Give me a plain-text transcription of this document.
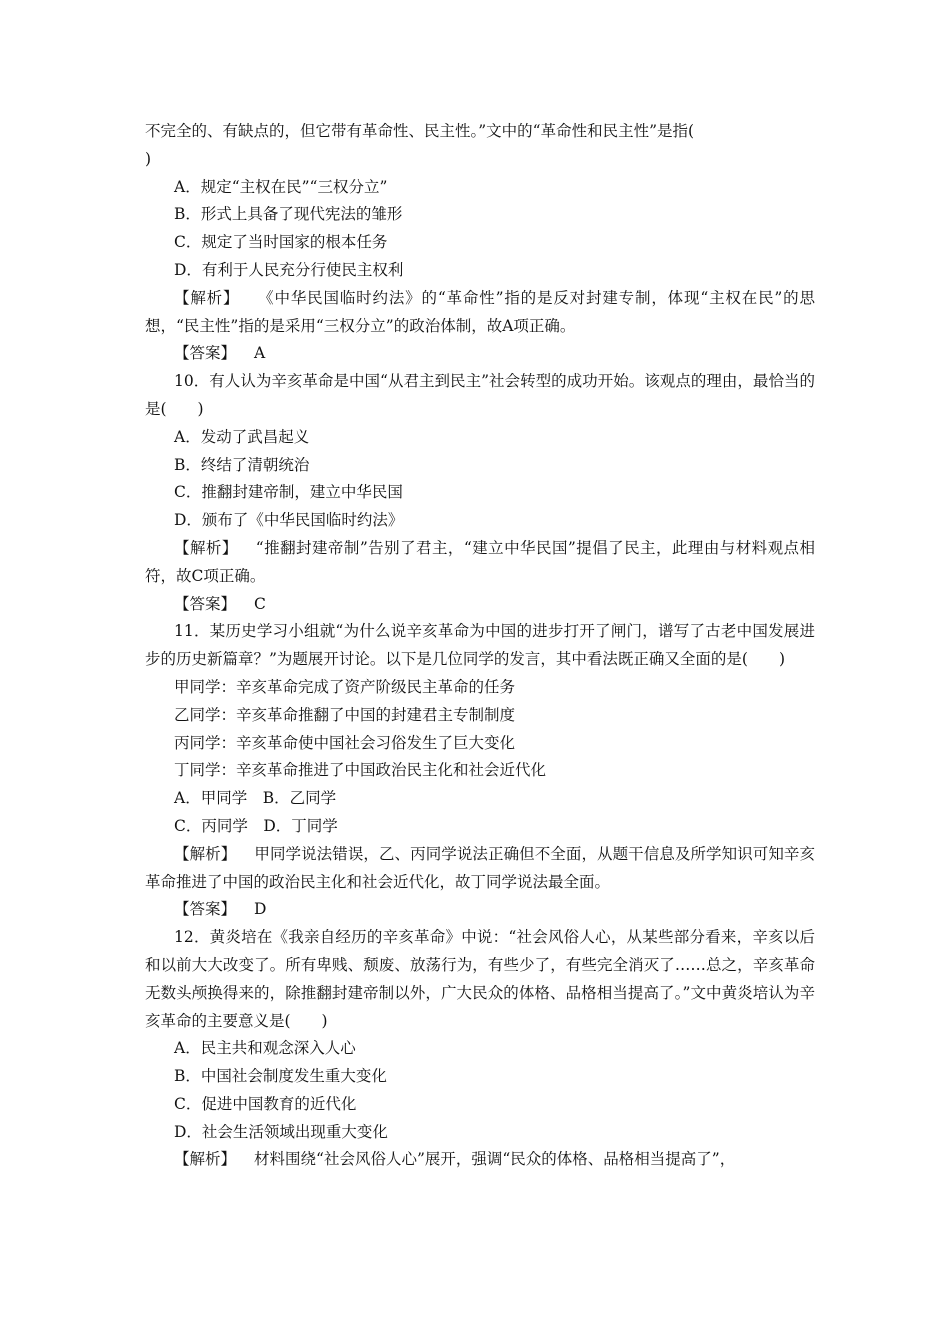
不完全的、有缺点的，但它带有革命性、民主性。”文中的“革命性和民主性”是指(

)

A．规定“主权在民”“三权分立”

B．形式上具备了现代宪法的雏形

C．规定了当时国家的根本任务

D．有利于人民充分行使民主权利

【解析】 《中华民国临时约法》的“革命性”指的是反对封建专制，体现“主权在民”的思想，“民主性”指的是采用“三权分立”的政治体制，故A项正确。

【答案】 A

10．有人认为辛亥革命是中国“从君主到民主”社会转型的成功开始。该观点的理由，最恰当的是(　　)

A．发动了武昌起义

B．终结了清朝统治

C．推翻封建帝制，建立中华民国

D．颁布了《中华民国临时约法》

【解析】 “推翻封建帝制”告别了君主，“建立中华民国”提倡了民主，此理由与材料观点相符，故C项正确。

【答案】 C

11．某历史学习小组就“为什么说辛亥革命为中国的进步打开了闸门，谱写了古老中国发展进步的历史新篇章？”为题展开讨论。以下是几位同学的发言，其中看法既正确又全面的是(　　)

甲同学：辛亥革命完成了资产阶级民主革命的任务

乙同学：辛亥革命推翻了中国的封建君主专制制度

丙同学：辛亥革命使中国社会习俗发生了巨大变化

丁同学：辛亥革命推进了中国政治民主化和社会近代化

A．甲同学　B．乙同学

C．丙同学　D．丁同学

【解析】 甲同学说法错误，乙、丙同学说法正确但不全面，从题干信息及所学知识可知辛亥革命推进了中国的政治民主化和社会近代化，故丁同学说法最全面。

【答案】 D

12．黄炎培在《我亲自经历的辛亥革命》中说：“社会风俗人心，从某些部分看来，辛亥以后和以前大大改变了。所有卑贱、颓废、放荡行为，有些少了，有些完全消灭了……总之，辛亥革命无数头颅换得来的，除推翻封建帝制以外，广大民众的体格、品格相当提高了。”文中黄炎培认为辛亥革命的主要意义是(　　)

A．民主共和观念深入人心

B．中国社会制度发生重大变化

C．促进中国教育的近代化

D．社会生活领域出现重大变化

【解析】 材料围绕“社会风俗人心”展开，强调“民众的体格、品格相当提高了”，
